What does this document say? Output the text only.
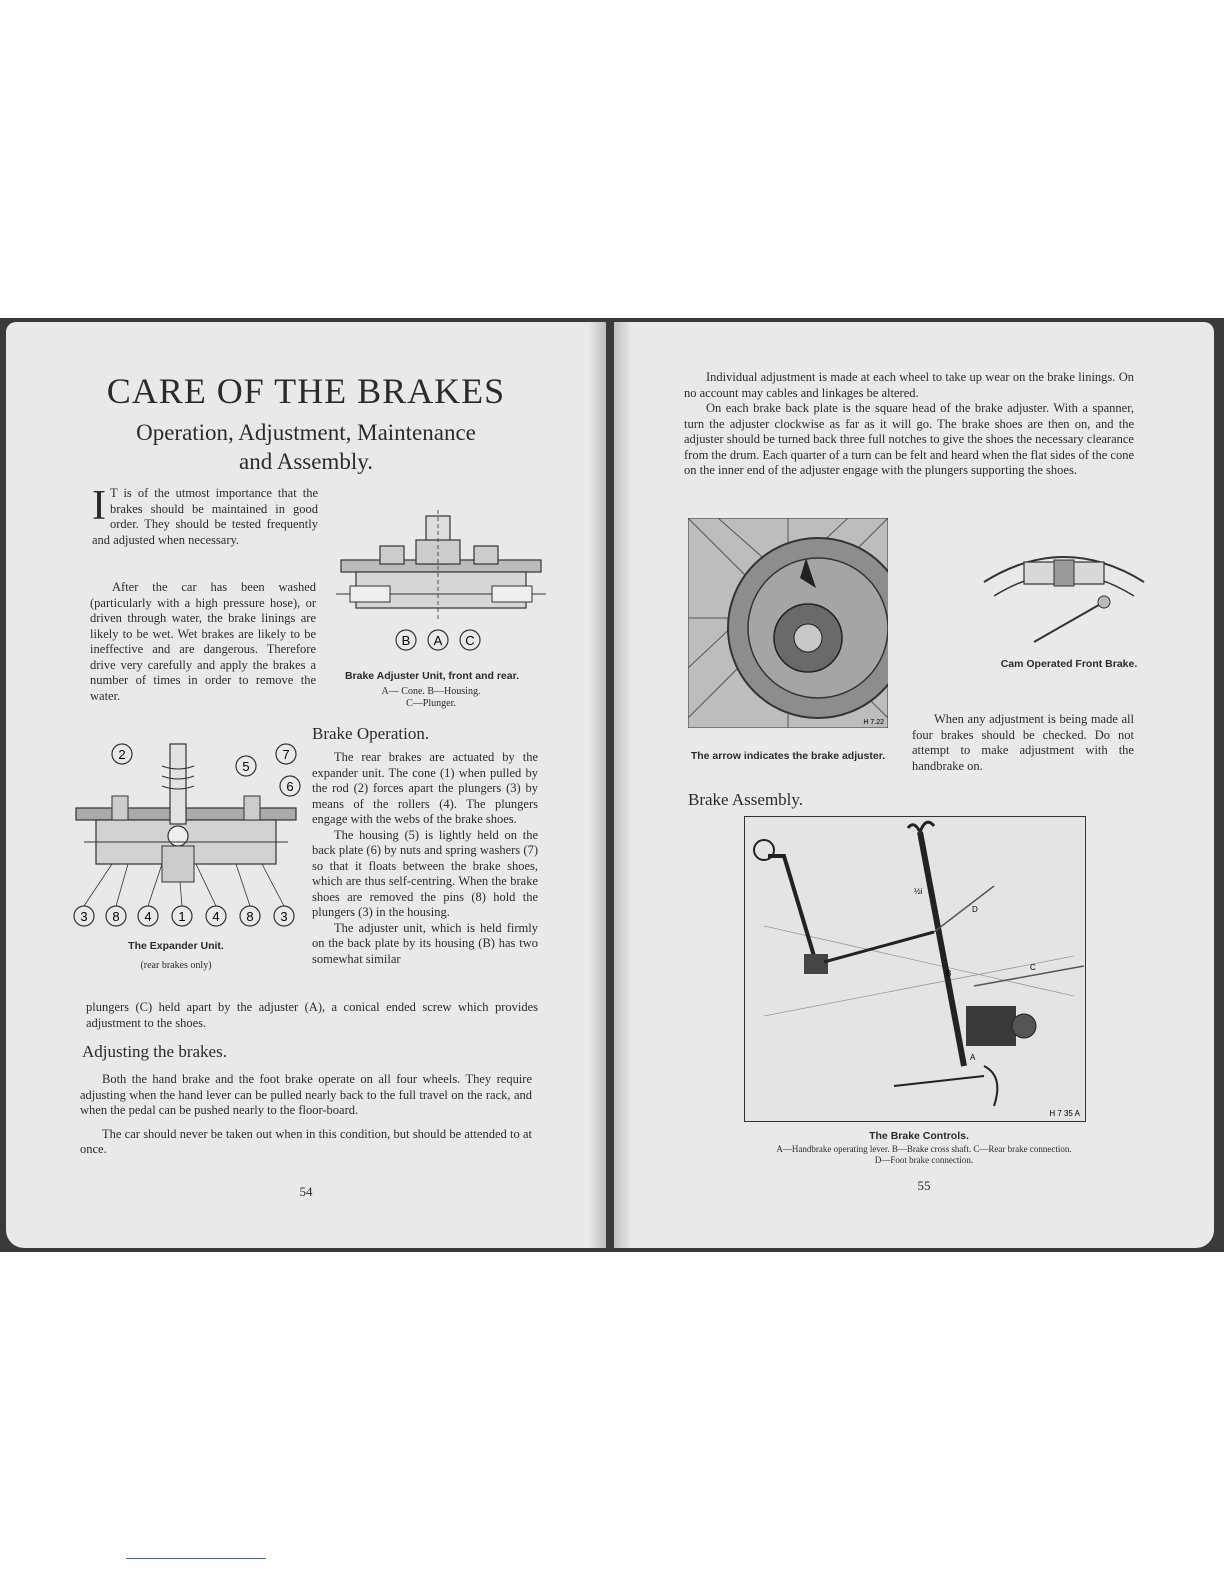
CARE OF THE BRAKES
Operation, Adjustment, Maintenance
and Assembly.
I T is of the utmost importance that the brakes should be maintained in good order. They should be tested frequently and adjusted when necessary.

After the car has been washed (particularly with a high pressure hose), or driven through water, the brake linings are likely to be wet. Wet brakes are likely to be ineffective and are dangerous. Therefore drive very carefully and apply the brakes a number of times in order to remove the water.

B A C
Brake Adjuster Unit, front and rear.
A— Cone. B—Housing.
C—Plunger.
2
5
7
6
3 8 4 1 4 8 3
The Expander Unit.
(rear brakes only)
Brake Operation.

The rear brakes are actuated by the expander unit. The cone (1) when pulled by the rod (2) forces apart the plungers (3) by means of the rollers (4). The plungers engage with the webs of the brake shoes.

The housing (5) is lightly held on the back plate (6) by nuts and spring washers (7) so that it floats between the brake shoes, which are thus self-centring. When the brake shoes are removed the pins (8) hold the plungers (3) in the housing.

The adjuster unit, which is held firmly on the back plate by its housing (B) has two somewhat similar

plungers (C) held apart by the adjuster (A), a conical ended screw which provides adjustment to the shoes.

Adjusting the brakes.

Both the hand brake and the foot brake operate on all four wheels. They require adjusting when the hand lever can be pulled nearly back to the full travel on the rack, and when the pedal can be pushed nearly to the floor-board.

The car should never be taken out when in this condition, but should be attended to at once.

54

Individual adjustment is made at each wheel to take up wear on the brake linings. On no account may cables and linkages be altered.

On each brake back plate is the square head of the brake adjuster. With a spanner, turn the adjuster clockwise as far as it will go. The brake shoes are then on, and the adjuster should be turned back three full notches to give the shoes the necessary clearance from the drum. Each quarter of a turn can be felt and heard when the flat sides of the cone on the inner end of the adjuster engage with the plungers supporting the shoes.

H 7.22
The arrow indicates the brake adjuster.
Cam Operated Front Brake.

When any adjustment is being made all four brakes should be checked. Do not attempt to make adjustment with the handbrake on.

Brake Assembly.
A
B
C
D
½i
H 7 35 A
The Brake Controls.
A—Handbrake operating lever. B—Brake cross shaft. C—Rear brake connection.
D—Foot brake connection.
55
